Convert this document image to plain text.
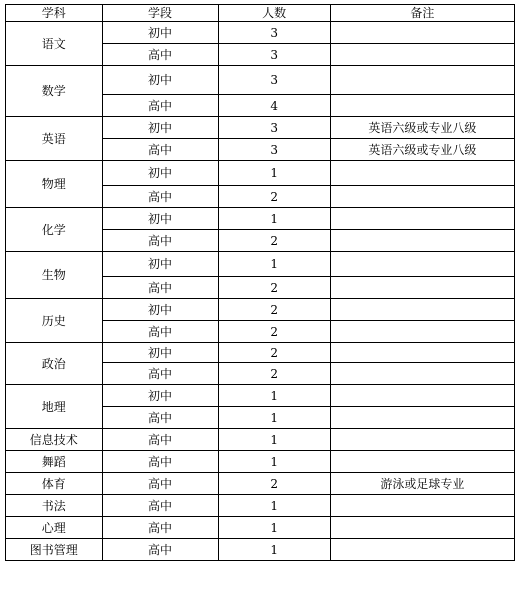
学科	学段	人数	备注
语文	初中	3	
	高中	3	
数学	初中	3	
	高中	4	
英语	初中	3	英语六级或专业八级
	高中	3	英语六级或专业八级
物理	初中	1	
	高中	2	
化学	初中	1	
	高中	2	
生物	初中	1	
	高中	2	
历史	初中	2	
	高中	2	
政治	初中	2	
	高中	2	
地理	初中	1	
	高中	1	
信息技术	高中	1	
舞蹈	高中	1	
体育	高中	2	游泳或足球专业
书法	高中	1	
心理	高中	1	
图书管理	高中	1	
